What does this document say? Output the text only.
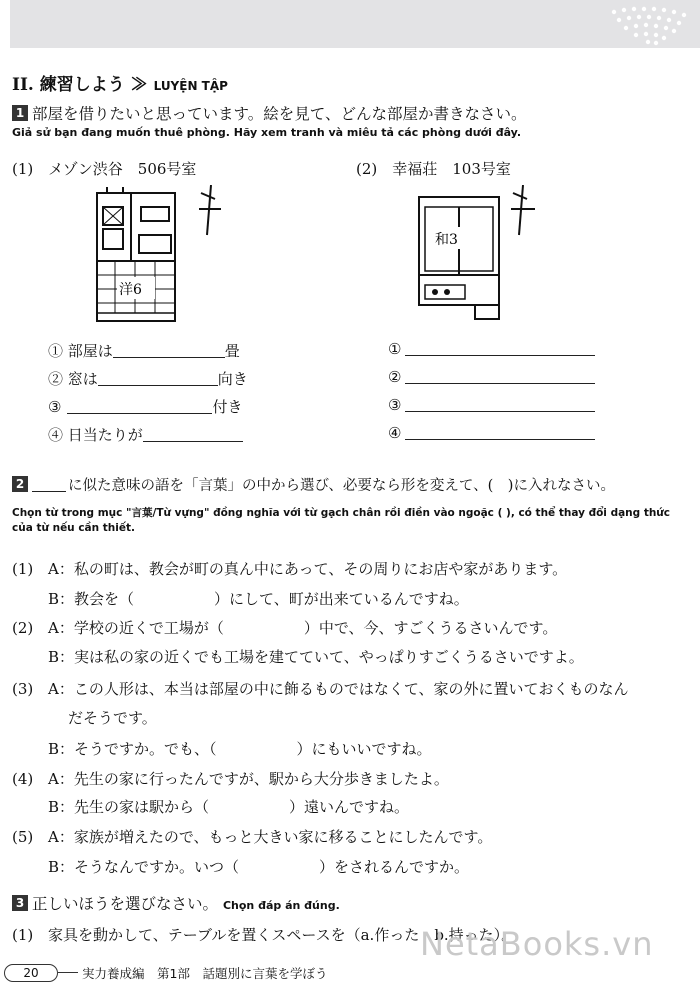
II. 練習しよう ≫ LUYỆN TẬP
1 部屋を借りたいと思っています。絵を見て、どんな部屋か書きなさい。
Giả sử bạn đang muốn thuê phòng. Hãy xem tranh và miêu tả các phòng dưới đây.
(1)　メゾン渋谷　506号室	(2)　幸福荘　103号室
洋6
和3
① 部屋は	畳
② 窓は	向き
③	付き
④ 日当たりが
①
②
③
④
2	に似た意味の語を「言葉」の中から選び、必要なら形を変えて、(　)に入れなさい。
Chọn từ trong mục "言葉/Từ vựng" đồng nghĩa với từ gạch chân rồi điền vào ngoặc ( ), có thể thay đổi dạng thức
của từ nếu cần thiết.
(1) A：私の町は、教会が町の真ん中にあって、その周りにお店や家があります。
B：教会を（	）にして、町が出来ているんですね。
(2) A：学校の近くで工場が（	）中で、今、すごくうるさいんです。
B：実は私の家の近くでも工場を建てていて、やっぱりすごくうるさいですよ。
(3) A：この人形は、本当は部屋の中に飾るものではなくて、家の外に置いておくものなん
だそうです。
B：そうですか。でも、（	）にもいいですね。
(4) A：先生の家に行ったんですが、駅から大分歩きましたよ。
B：先生の家は駅から（	）遠いんですね。
(5) A：家族が増えたので、もっと大きい家に移ることにしたんです。
B：そうなんですか。いつ（	）をされるんですか。
3 正しいほうを選びなさい。 Chọn đáp án đúng.
(1) 家具を動かして、テーブルを置くスペースを（a.作った　b.持った）。
NetaBooks.vn
20	実力養成編　第1部　話題別に言葉を学ぼう
